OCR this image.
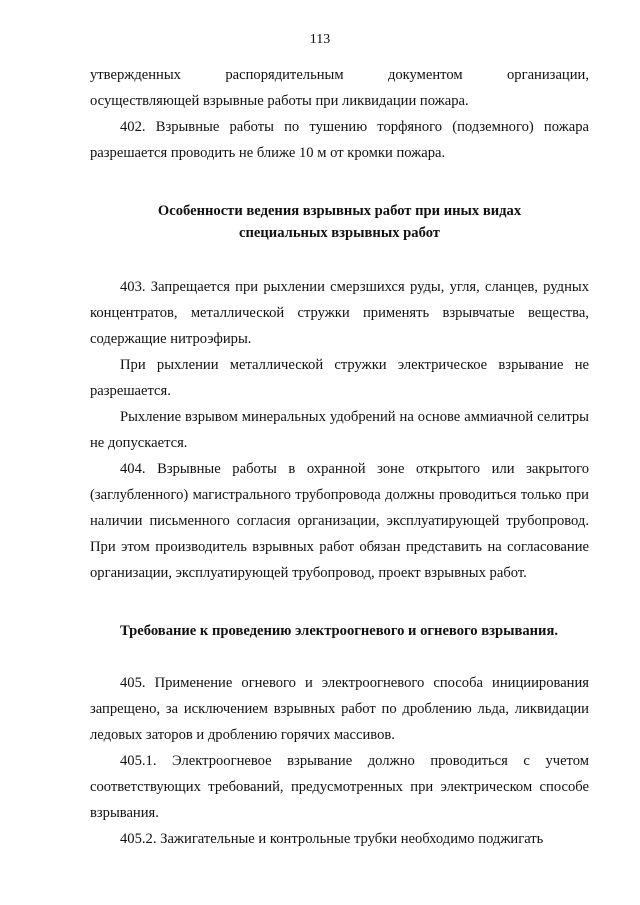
113

утвержденных распорядительным документом организации,
осуществляющей взрывные работы при ликвидации пожара.

402. Взрывные работы по тушению торфяного (подземного) пожара разрешается проводить не ближе 10 м от кромки пожара.

Особенности ведения взрывных работ при иных видах
специальных взрывных работ

403. Запрещается при рыхлении смерзшихся руды, угля, сланцев, рудных концентратов, металлической стружки применять взрывчатые вещества, содержащие нитроэфиры.

При рыхлении металлической стружки электрическое взрывание не разрешается.

Рыхление взрывом минеральных удобрений на основе аммиачной селитры не допускается.

404. Взрывные работы в охранной зоне открытого или закрытого (заглубленного) магистрального трубопровода должны проводиться только при наличии письменного согласия организации, эксплуатирующей трубопровод. При этом производитель взрывных работ обязан представить на согласование организации, эксплуатирующей трубопровод, проект взрывных работ.

Требование к проведению электроогневого и огневого взрывания.

405. Применение огневого и электроогневого способа инициирования запрещено, за исключением взрывных работ по дроблению льда, ликвидации ледовых заторов и дроблению горячих массивов.

405.1. Электроогневое взрывание должно проводиться с учетом соответствующих требований, предусмотренных при электрическом способе взрывания.

405.2. Зажигательные и контрольные трубки необходимо поджигать
